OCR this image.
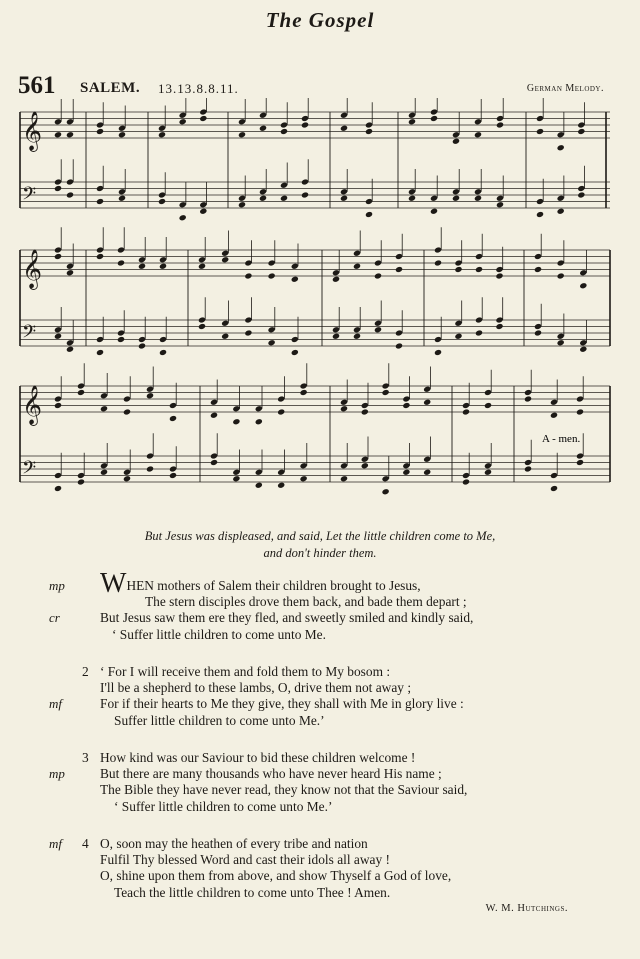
The Gospel
561 SALEM. 13.13.8.8.11.	German Melody.
𝄞
𝄢
𝄞
𝄢
𝄞
𝄢
A - men.
But Jesus was displeased, and said, Let the little children come to Me,
and don't hinder them.
mp WHEN mothers of Salem their children brought to Jesus,
The stern disciples drove them back, and bade them depart ;
cr	But Jesus saw them ere they fled, and sweetly smiled and kindly said,
‘ Suffer little children to come unto Me.
2 ‘ For I will receive them and fold them to My bosom :
I'll be a shepherd to these lambs, O, drive them not away ;
mf	For if their hearts to Me they give, they shall with Me in glory live :
Suffer little children to come unto Me.’
3 How kind was our Saviour to bid these children welcome !
mp	But there are many thousands who have never heard His name ;
The Bible they have never read, they know not that the Saviour said,
‘ Suffer little children to come unto Me.’
4
mf	O, soon may the heathen of every tribe and nation
Fulfil Thy blessed Word and cast their idols all away !
O, shine upon them from above, and show Thyself a God of love,
Teach the little children to come unto Thee ! Amen.
W. M. Hutchings.
